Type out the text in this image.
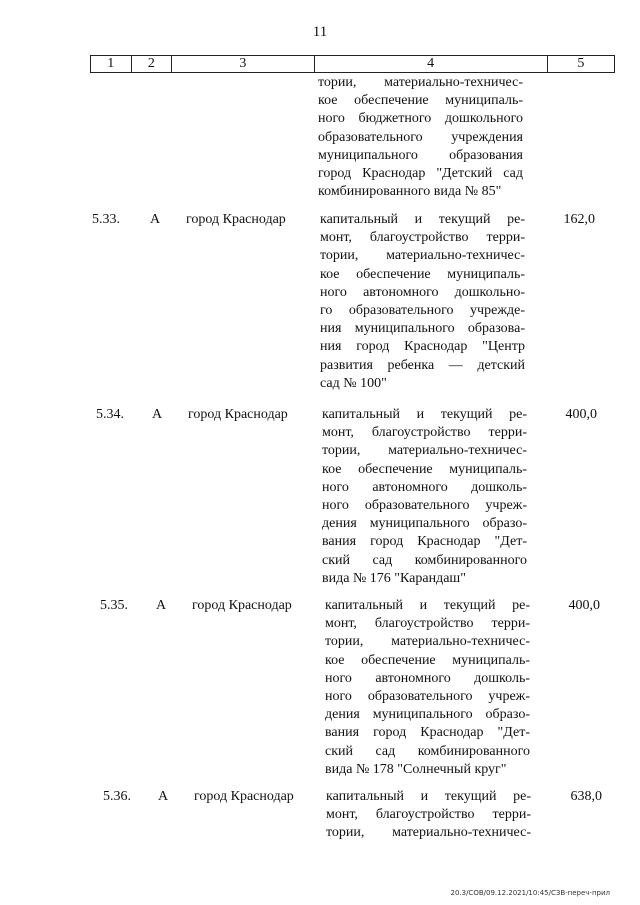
11
1	2	3	4	5
тории, материально-техничес-
кое обеспечение муниципаль-
ного бюджетного дошкольного
образовательного учреждения
муниципального образования
город Краснодар "Детский сад
комбинированного вида № 85"
5.33.	А	город Краснодар	капитальный и текущий ре-
монт, благоустройство терри-
тории, материально-техничес-
кое обеспечение муниципаль-
ного автономного дошкольно-
го образовательного учрежде-
ния муниципального образова-
ния город Краснодар "Центр
развития ребенка — детский
сад № 100"
162,0
5.34.	А	город Краснодар	капитальный и текущий ре-
монт, благоустройство терри-
тории, материально-техничес-
кое обеспечение муниципаль-
ного автономного дошколь-
ного образовательного учреж-
дения муниципального образо-
вания город Краснодар "Дет-
ский сад комбинированного
вида № 176 "Карандаш"
400,0
5.35.	А	город Краснодар	капитальный и текущий ре-
монт, благоустройство терри-
тории, материально-техничес-
кое обеспечение муниципаль-
ного автономного дошколь-
ного образовательного учреж-
дения муниципального образо-
вания город Краснодар "Дет-
ский сад комбинированного
вида № 178 "Солнечный круг"
400,0
5.36.	А	город Краснодар	капитальный и текущий ре-
монт, благоустройство терри-
тории, материально-техничес-
638,0
20.3/СОВ/09.12.2021/10:45/СЗВ-переч-прил
